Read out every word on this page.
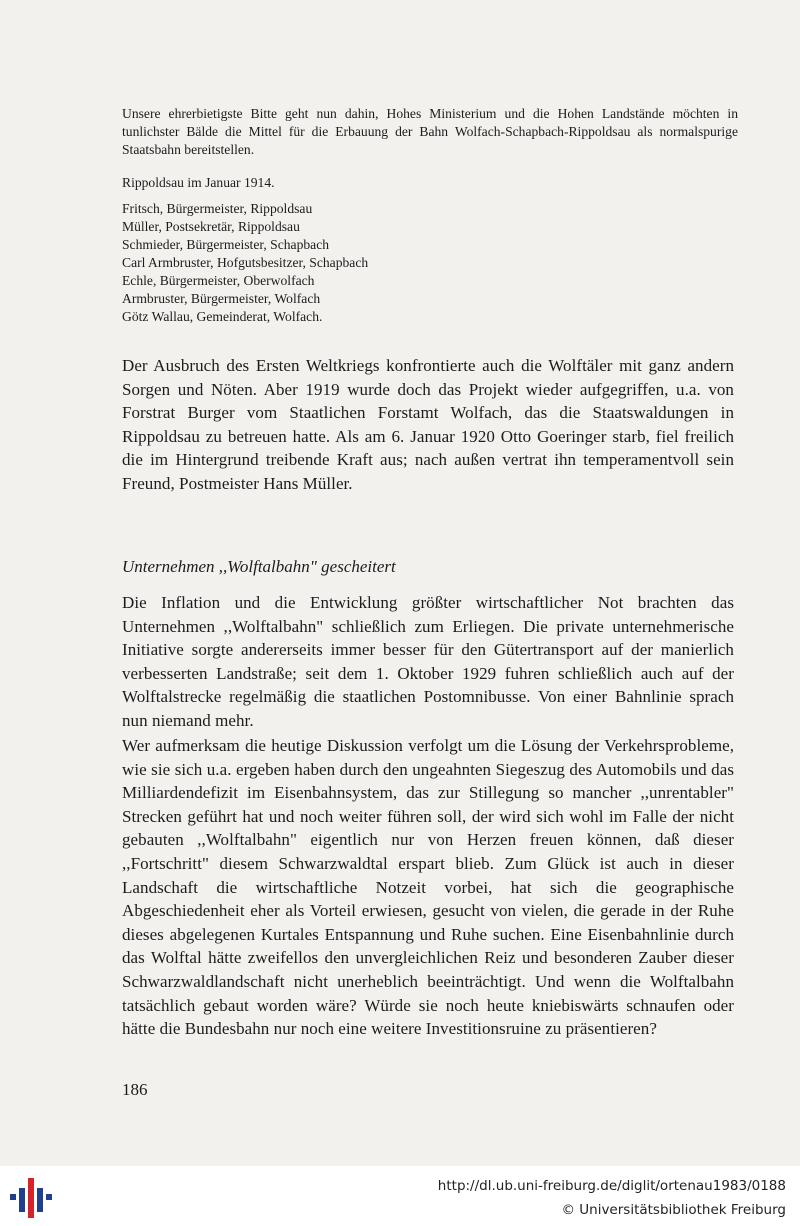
Unsere ehrerbietigste Bitte geht nun dahin, Hohes Ministerium und die Hohen Landstände möchten in tunlichster Bälde die Mittel für die Erbauung der Bahn Wolfach-Schapbach-Rippoldsau als normalspurige Staatsbahn bereitstellen.

Rippoldsau im Januar 1914.

Fritsch, Bürgermeister, Rippoldsau
Müller, Postsekretär, Rippoldsau
Schmieder, Bürgermeister, Schapbach
Carl Armbruster, Hofgutsbesitzer, Schapbach
Echle, Bürgermeister, Oberwolfach
Armbruster, Bürgermeister, Wolfach
Götz Wallau, Gemeinderat, Wolfach.

Der Ausbruch des Ersten Weltkriegs konfrontierte auch die Wolftäler mit ganz andern Sorgen und Nöten. Aber 1919 wurde doch das Projekt wieder aufgegriffen, u.a. von Forstrat Burger vom Staatlichen Forstamt Wolfach, das die Staatswaldungen in Rippoldsau zu betreuen hatte. Als am 6. Januar 1920 Otto Goeringer starb, fiel freilich die im Hintergrund treibende Kraft aus; nach außen vertrat ihn temperamentvoll sein Freund, Postmeister Hans Müller.

Unternehmen ,,Wolftalbahn" gescheitert

Die Inflation und die Entwicklung größter wirtschaftlicher Not brachten das Unternehmen ,,Wolftalbahn" schließlich zum Erliegen. Die private unternehmerische Initiative sorgte andererseits immer besser für den Gütertransport auf der manierlich verbesserten Landstraße; seit dem 1. Oktober 1929 fuhren schließlich auch auf der Wolftalstrecke regelmäßig die staatlichen Postomnibusse. Von einer Bahnlinie sprach nun niemand mehr.

Wer aufmerksam die heutige Diskussion verfolgt um die Lösung der Verkehrsprobleme, wie sie sich u.a. ergeben haben durch den ungeahnten Siegeszug des Automobils und das Milliardendefizit im Eisenbahnsystem, das zur Stillegung so mancher ,,unrentabler" Strecken geführt hat und noch weiter führen soll, der wird sich wohl im Falle der nicht gebauten ,,Wolftalbahn" eigentlich nur von Herzen freuen können, daß dieser ,,Fortschritt" diesem Schwarzwaldtal erspart blieb. Zum Glück ist auch in dieser Landschaft die wirtschaftliche Notzeit vorbei, hat sich die geographische Abgeschiedenheit eher als Vorteil erwiesen, gesucht von vielen, die gerade in der Ruhe dieses abgelegenen Kurtales Entspannung und Ruhe suchen. Eine Eisenbahnlinie durch das Wolftal hätte zweifellos den unvergleichlichen Reiz und besonderen Zauber dieser Schwarzwaldlandschaft nicht unerheblich beeinträchtigt. Und wenn die Wolftalbahn tatsächlich gebaut worden wäre? Würde sie noch heute kniebiswärts schnaufen oder hätte die Bundesbahn nur noch eine weitere Investitionsruine zu präsentieren?

186
http://dl.ub.uni-freiburg.de/diglit/ortenau1983/0188
© Universitätsbibliothek Freiburg
